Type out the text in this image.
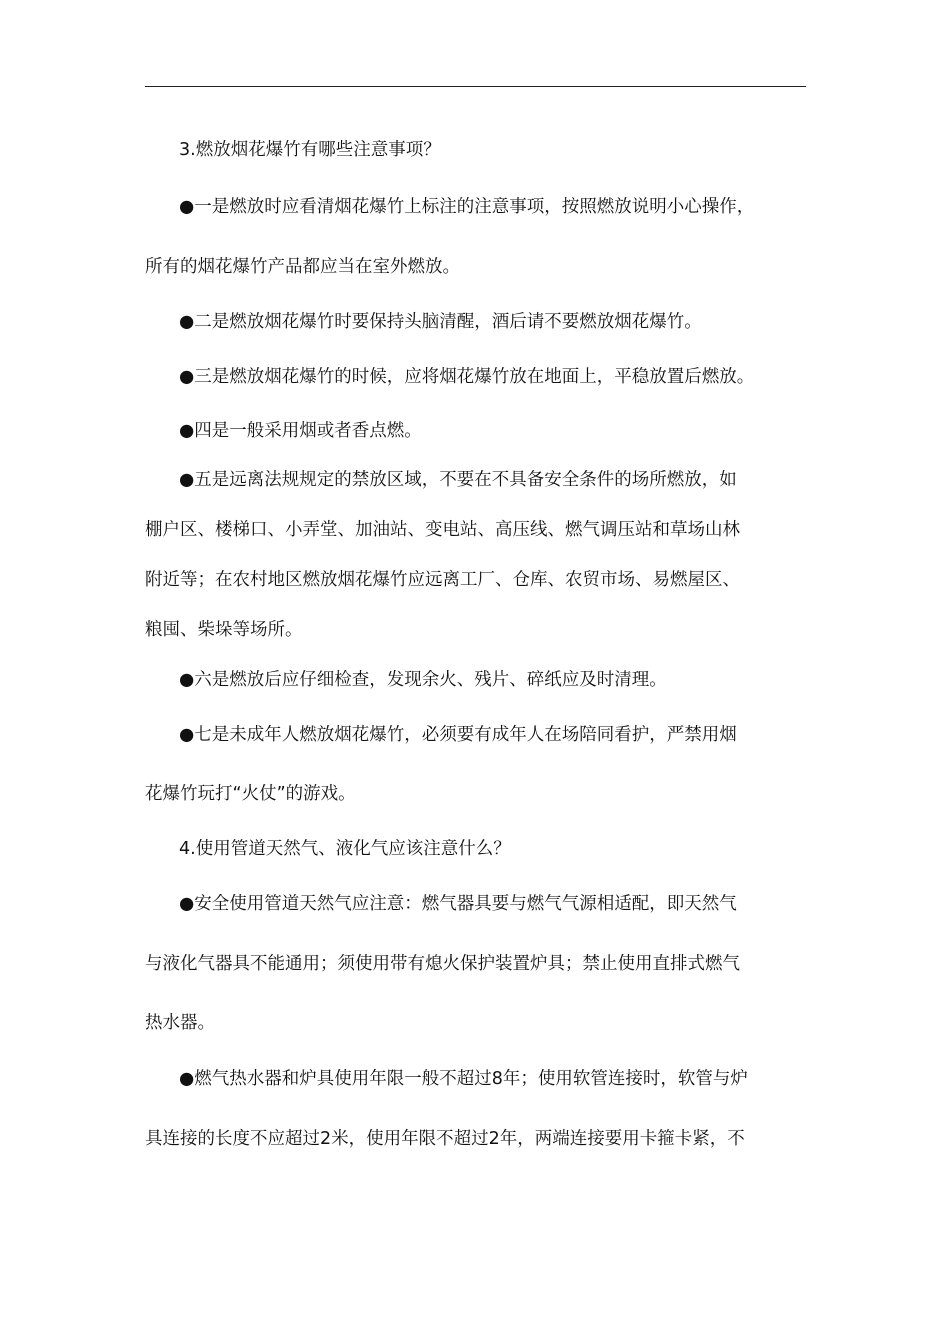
3.燃放烟花爆竹有哪些注意事项？
●一是燃放时应看清烟花爆竹上标注的注意事项，按照燃放说明小心操作，
所有的烟花爆竹产品都应当在室外燃放。
●二是燃放烟花爆竹时要保持头脑清醒，酒后请不要燃放烟花爆竹。
●三是燃放烟花爆竹的时候，应将烟花爆竹放在地面上，平稳放置后燃放。
●四是一般采用烟或者香点燃。
●五是远离法规规定的禁放区域，不要在不具备安全条件的场所燃放，如
棚户区、楼梯口、小弄堂、加油站、变电站、高压线、燃气调压站和草场山林
附近等；在农村地区燃放烟花爆竹应远离工厂、仓库、农贸市场、易燃屋区、
粮囤、柴垛等场所。
●六是燃放后应仔细检查，发现余火、残片、碎纸应及时清理。
●七是未成年人燃放烟花爆竹，必须要有成年人在场陪同看护，严禁用烟
花爆竹玩打“火仗”的游戏。
4.使用管道天然气、液化气应该注意什么？
●安全使用管道天然气应注意：燃气器具要与燃气气源相适配，即天然气
与液化气器具不能通用；须使用带有熄火保护装置炉具；禁止使用直排式燃气
热水器。
●燃气热水器和炉具使用年限一般不超过8年；使用软管连接时，软管与炉
具连接的长度不应超过2米，使用年限不超过2年，两端连接要用卡箍卡紧，不
